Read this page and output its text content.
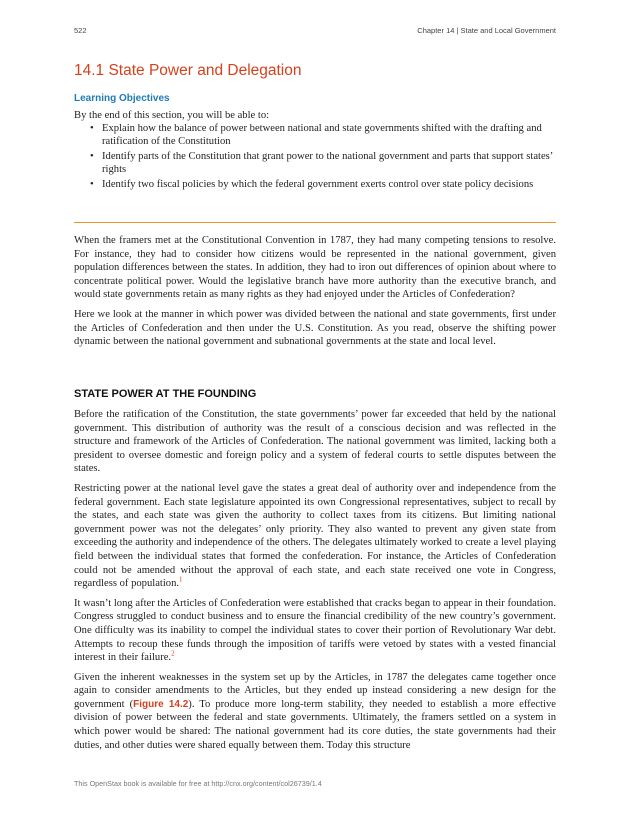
522	Chapter 14 | State and Local Government
14.1 State Power and Delegation
Learning Objectives

By the end of this section, you will be able to:

• Explain how the balance of power between national and state governments shifted with the drafting and ratification of the Constitution
• Identify parts of the Constitution that grant power to the national government and parts that support states’ rights
• Identify two fiscal policies by which the federal government exerts control over state policy decisions

When the framers met at the Constitutional Convention in 1787, they had many competing tensions to resolve. For instance, they had to consider how citizens would be represented in the national government, given population differences between the states. In addition, they had to iron out differences of opinion about where to concentrate political power. Would the legislative branch have more authority than the executive branch, and would state governments retain as many rights as they had enjoyed under the Articles of Confederation?

Here we look at the manner in which power was divided between the national and state governments, first under the Articles of Confederation and then under the U.S. Constitution. As you read, observe the shifting power dynamic between the national government and subnational governments at the state and local level.

STATE POWER AT THE FOUNDING

Before the ratification of the Constitution, the state governments’ power far exceeded that held by the national government. This distribution of authority was the result of a conscious decision and was reflected in the structure and framework of the Articles of Confederation. The national government was limited, lacking both a president to oversee domestic and foreign policy and a system of federal courts to settle disputes between the states.

Restricting power at the national level gave the states a great deal of authority over and independence from the federal government. Each state legislature appointed its own Congressional representatives, subject to recall by the states, and each state was given the authority to collect taxes from its citizens. But limiting national government power was not the delegates’ only priority. They also wanted to prevent any given state from exceeding the authority and independence of the others. The delegates ultimately worked to create a level playing field between the individual states that formed the confederation. For instance, the Articles of Confederation could not be amended without the approval of each state, and each state received one vote in Congress, regardless of population.$^1$

It wasn’t long after the Articles of Confederation were established that cracks began to appear in their foundation. Congress struggled to conduct business and to ensure the financial credibility of the new country’s government. One difficulty was its inability to compel the individual states to cover their portion of Revolutionary War debt. Attempts to recoup these funds through the imposition of tariffs were vetoed by states with a vested financial interest in their failure.$^2$

Given the inherent weaknesses in the system set up by the Articles, in 1787 the delegates came together once again to consider amendments to the Articles, but they ended up instead considering a new design for the government (Figure 14.2). To produce more long-term stability, they needed to establish a more effective division of power between the federal and state governments. Ultimately, the framers settled on a system in which power would be shared: The national government had its core duties, the state governments had their duties, and other duties were shared equally between them. Today this structure

This OpenStax book is available for free at http://cnx.org/content/col26739/1.4
